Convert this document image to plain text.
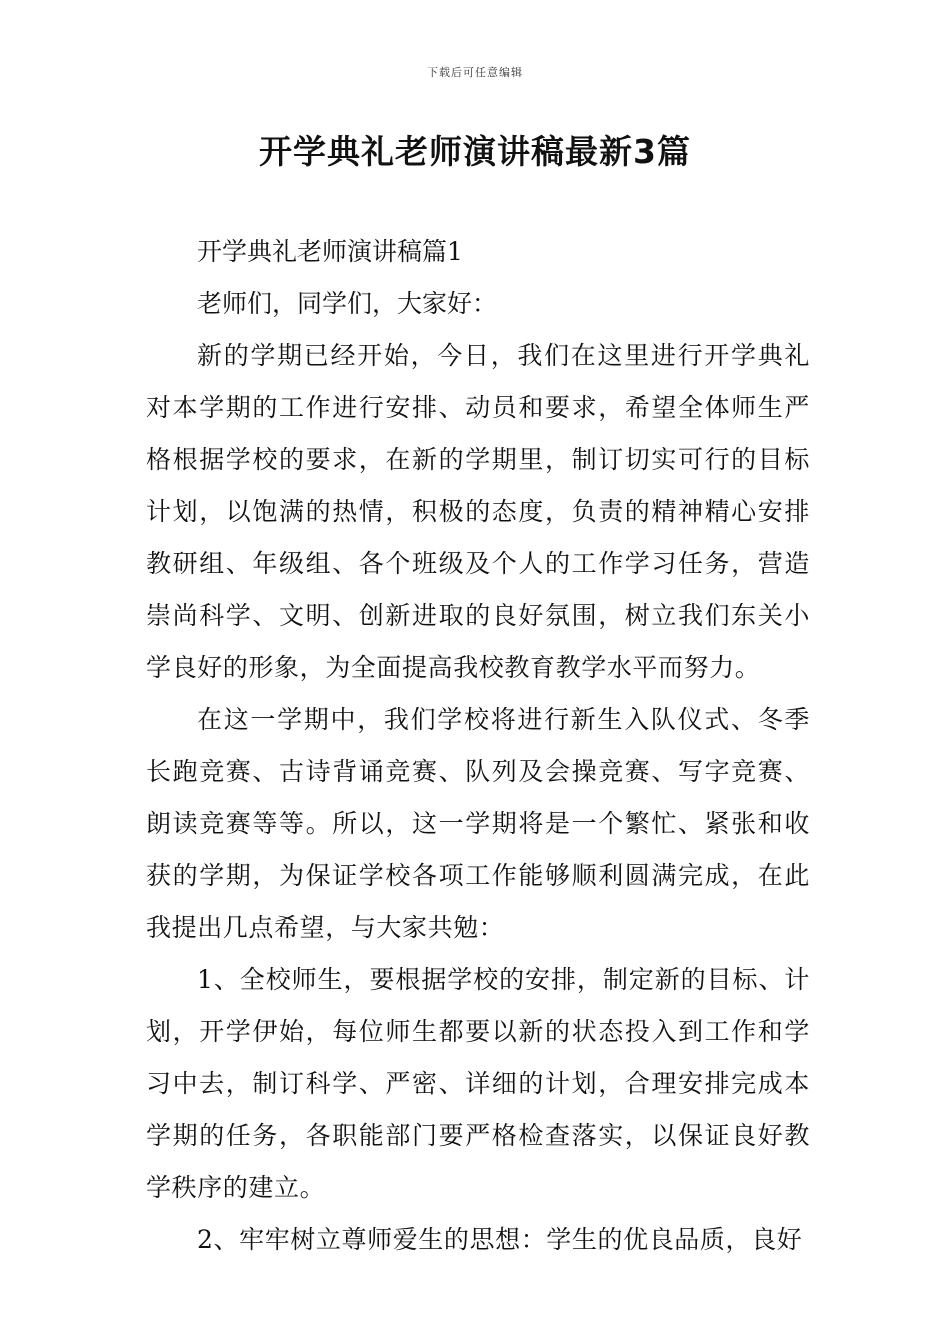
下载后可任意编辑
开学典礼老师演讲稿最新3篇

开学典礼老师演讲稿篇1

老师们，同学们，大家好：

新的学期已经开始，今日，我们在这里进行开学典礼对本学期的工作进行安排、动员和要求，希望全体师生严格根据学校的要求，在新的学期里，制订切实可行的目标计划，以饱满的热情，积极的态度，负责的精神精心安排教研组、年级组、各个班级及个人的工作学习任务，营造崇尚科学、文明、创新进取的良好氛围，树立我们东关小学良好的形象，为全面提高我校教育教学水平而努力。

在这一学期中，我们学校将进行新生入队仪式、冬季长跑竞赛、古诗背诵竞赛、队列及会操竞赛、写字竞赛、朗读竞赛等等。所以，这一学期将是一个繁忙、紧张和收获的学期，为保证学校各项工作能够顺利圆满完成，在此我提出几点希望，与大家共勉：

1、全校师生，要根据学校的安排，制定新的目标、计划，开学伊始，每位师生都要以新的状态投入到工作和学习中去，制订科学、严密、详细的计划，合理安排完成本学期的任务，各职能部门要严格检查落实，以保证良好教学秩序的建立。

2、牢牢树立尊师爱生的思想：学生的优良品质，良好
